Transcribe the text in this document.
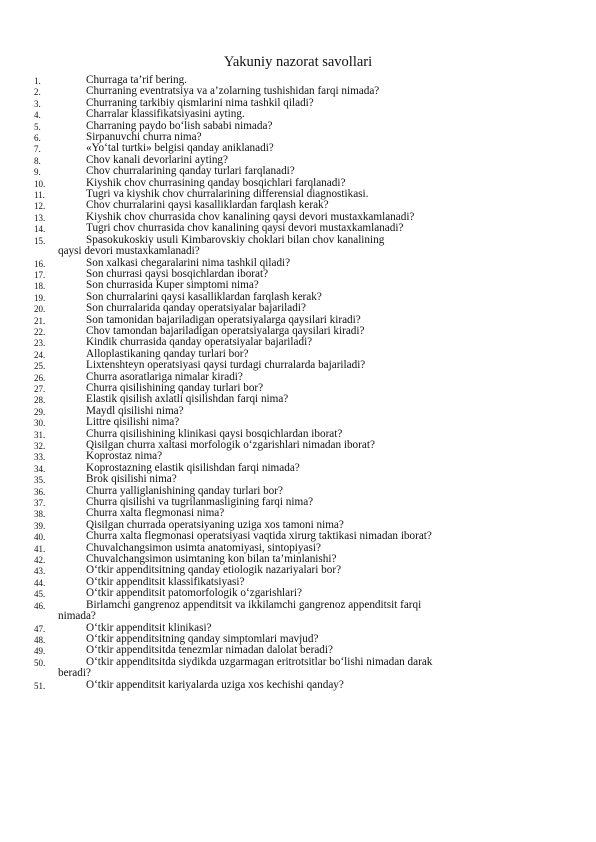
Yakuniy nazorat savollari
1.	Churraga ta’rif bering.
2.	Churraning eventratsiya va a’zolarning tushishidan farqi nimada?
3.	Churraning tarkibiy qismlarini nima tashkil qiladi?
4.	Charralar klassifikatsiyasini ayting.
5.	Charraning paydo bo‘lish sababi nimada?
6.	Sirpanuvchi churra nima?
7.	«Yo‘tal turtki» belgisi qanday aniklanadi?
8.	Chov kanali devorlarini ayting?
9.	Chov churralarining qanday turlari farqlanadi?
10.	Kiyshik chov churrasining qanday bosqichlari farqlanadi?
11.	Tugri va kiyshik chov churralarining differensial diagnostikasi.
12.	Chov churralarini qaysi kasalliklardan farqlash kerak?
13.	Kiyshik chov churrasida chov kanalining qaysi devori mustaxkamlanadi?
14.	Tugri chov churrasida chov kanalining qaysi devori mustaxkamlanadi?
15.	Spasokukoskiy usuli Kimbarovskiy choklari bilan chov kanalining
qaysi devori mustaxkamlanadi?
16.	Son xalkasi chegaralarini nima tashkil qiladi?
17.	Son churrasi qaysi bosqichlardan iborat?
18.	Son churrasida Kuper simptomi nima?
19.	Son churralarini qaysi kasalliklardan farqlash kerak?
20.	Son churralarida qanday operatsiyalar bajariladi?
21.	Son tamonidan bajariladigan operatsiyalarga qaysilari kiradi?
22.	Chov tamondan bajariladigan operatsiyalarga qaysilari kiradi?
23.	Kindik churrasida qanday operatsiyalar bajariladi?
24.	Alloplastikaning qanday turlari bor?
25.	Lixtenshteyn operatsiyasi qaysi turdagi churralarda bajariladi?
26.	Churra asoratlariga nimalar kiradi?
27.	Churra qisilishining qanday turlari bor?
28.	Elastik qisilish axlatli qisilishdan farqi nima?
29.	Maydl qisilishi nima?
30.	Littre qisilishi nima?
31.	Churra qisilishining klinikasi qaysi bosqichlardan iborat?
32.	Qisilgan churra xaltasi morfologik o‘zgarishlari nimadan iborat?
33.	Koprostaz nima?
34.	Koprostazning elastik qisilishdan farqi nimada?
35.	Brok qisilishi nima?
36.	Churra yalliglanishining qanday turlari bor?
37.	Churra qisilishi va tugrilanmasligining farqi nima?
38.	Churra xalta flegmonasi nima?
39.	Qisilgan churrada operatsiyaning uziga xos tamoni nima?
40.	Churra xalta flegmonasi operatsiyasi vaqtida xirurg taktikasi nimadan iborat?
41.	Chuvalchangsimon usimta anatomiyasi, sintopiyasi?
42.	Chuvalchangsimon usimtaning kon bilan ta’minlanishi?
43.	O‘tkir appenditsitning qanday etiologik nazariyalari bor?
44.	O‘tkir appenditsit klassifikatsiyasi?
45.	O‘tkir appenditsit patomorfologik o‘zgarishlari?
46.	Birlamchi gangrenoz appenditsit va ikkilamchi gangrenoz appenditsit farqi
nimada?
47.	O‘tkir appenditsit klinikasi?
48.	O‘tkir appenditsitning qanday simptomlari mavjud?
49.	O‘tkir appenditsitda tenezmlar nimadan dalolat beradi?
50.	O‘tkir appenditsitda siydikda uzgarmagan eritrotsitlar bo‘lishi nimadan darak
beradi?
51.	O‘tkir appenditsit kariyalarda uziga xos kechishi qanday?
